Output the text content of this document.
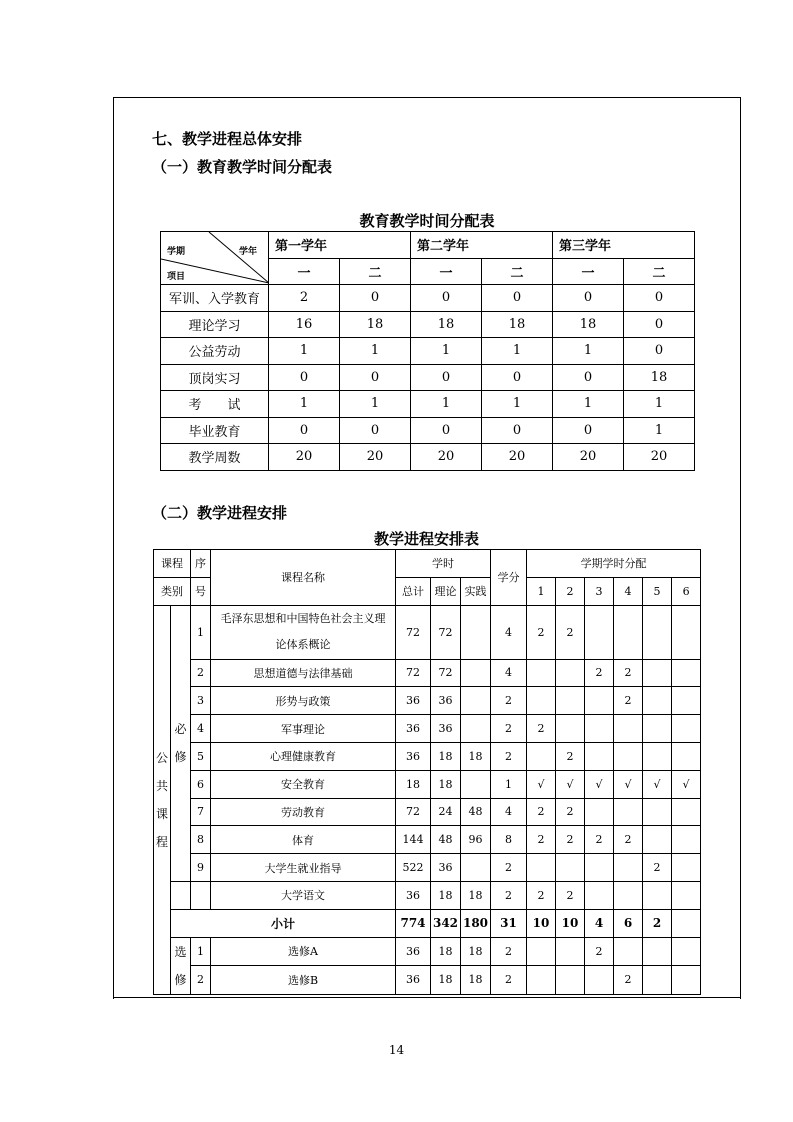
七、教学进程总体安排
（一）教育教学时间分配表
教育教学时间分配表
学期 学年
项目	第一学年		第二学年		第三学年	
	一	二	一	二	一	二
军训、入学教育	2	0	0	0	0	0
理论学习	16	18	18	18	18	0
公益劳动	1	1	1	1	1	0
顶岗实习	0	0	0	0	0	18
考　　试	1	1	1	1	1	1
毕业教育	0	0	0	0	0	1
教学周数	20	20	20	20	20	20
（二）教学进程安排
教学进程安排表
课程		序	课程名称	学时			学分	学期学时分配					
类别		号		总计	理论	实践		1	2	3	4	5	6
公
共
课
程	必
修	1	毛泽东思想和中国特色社会主义理
论体系概论	72	72		4	2	2				
		2	思想道德与法律基础	72	72		4			2	2		
		3	形势与政策	36	36		2				2		
		4	军事理论	36	36		2	2					
		5	心理健康教育	36	18	18	2		2				
		6	安全教育	18	18		1	√	√	√	√	√	√
		7	劳动教育	72	24	48	4	2	2				
		8	体育	144	48	96	8	2	2	2	2		
		9	大学生就业指导	522	36		2					2	
			大学语文	36	18	18	2	2	2				
	小计			774	342	180	31	10	10	4	6	2	
	选
修	1	选修A	36	18	18	2			2			
		2	选修B	36	18	18	2				2		
14
